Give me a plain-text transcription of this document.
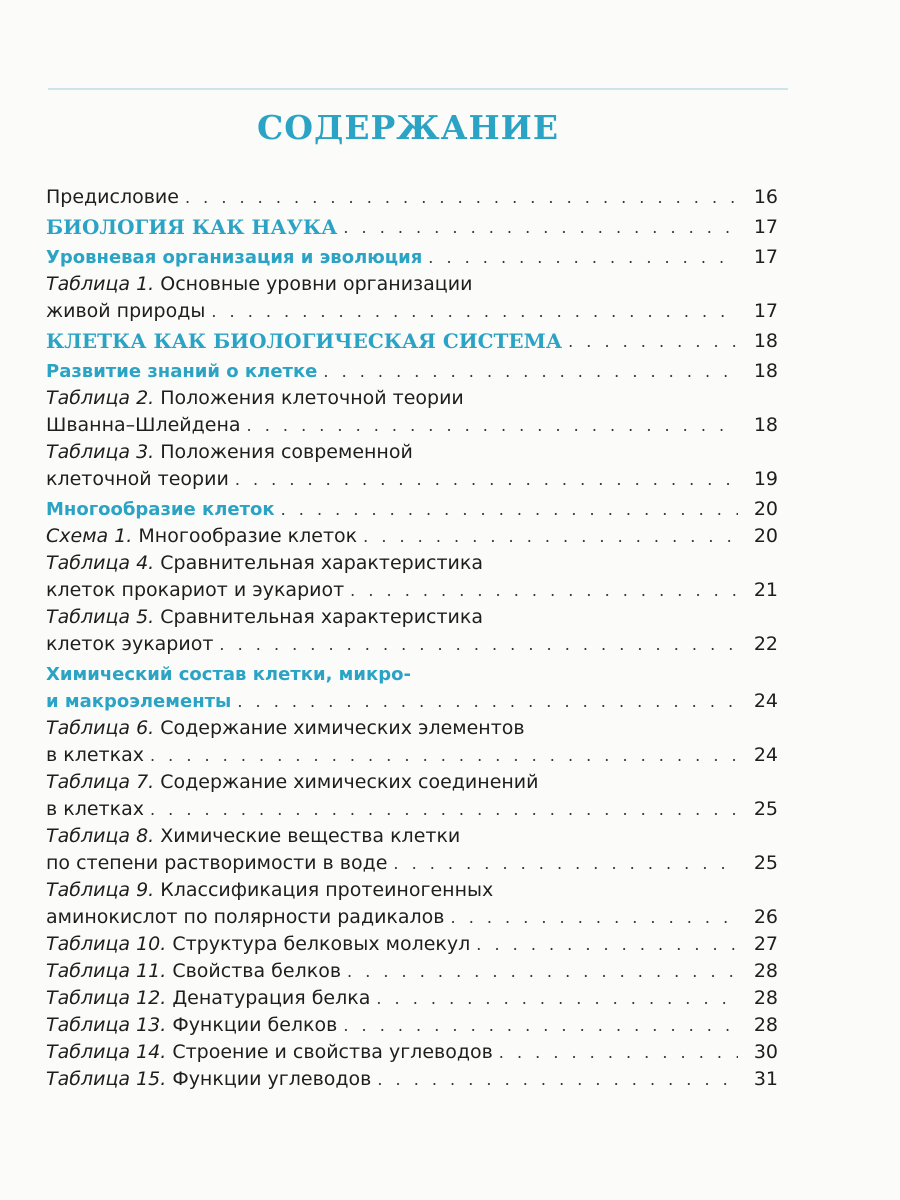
СОДЕРЖАНИЕ
Предисловие . . .	16
БИОЛОГИЯ КАК НАУКА . . .	17
Уровневая организация и эволюция . . .	17
Таблица 1. Основные уровни организации
живой природы . . .	17
КЛЕТКА КАК БИОЛОГИЧЕСКАЯ СИСТЕМА . . .	18
Развитие знаний о клетке . . .	18
Таблица 2. Положения клеточной теории
Шванна–Шлейдена . . .	18
Таблица 3. Положения современной
клеточной теории . . .	19
Многообразие клеток . . .	20
Схема 1. Многообразие клеток . . .	20
Таблица 4. Сравнительная характеристика
клеток прокариот и эукариот . . .	21
Таблица 5. Сравнительная характеристика
клеток эукариот . . .	22
Химический состав клетки, микро-
и макроэлементы . . .	24
Таблица 6. Содержание химических элементов
в клетках . . .	24
Таблица 7. Содержание химических соединений
в клетках . . .	25
Таблица 8. Химические вещества клетки
по степени растворимости в воде . . .	25
Таблица 9. Классификация протеиногенных
аминокислот по полярности радикалов . . .	26
Таблица 10. Структура белковых молекул . . .	27
Таблица 11. Свойства белков . . .	28
Таблица 12. Денатурация белка . . .	28
Таблица 13. Функции белков . . .	28
Таблица 14. Строение и свойства углеводов . . .	30
Таблица 15. Функции углеводов . . .	31
